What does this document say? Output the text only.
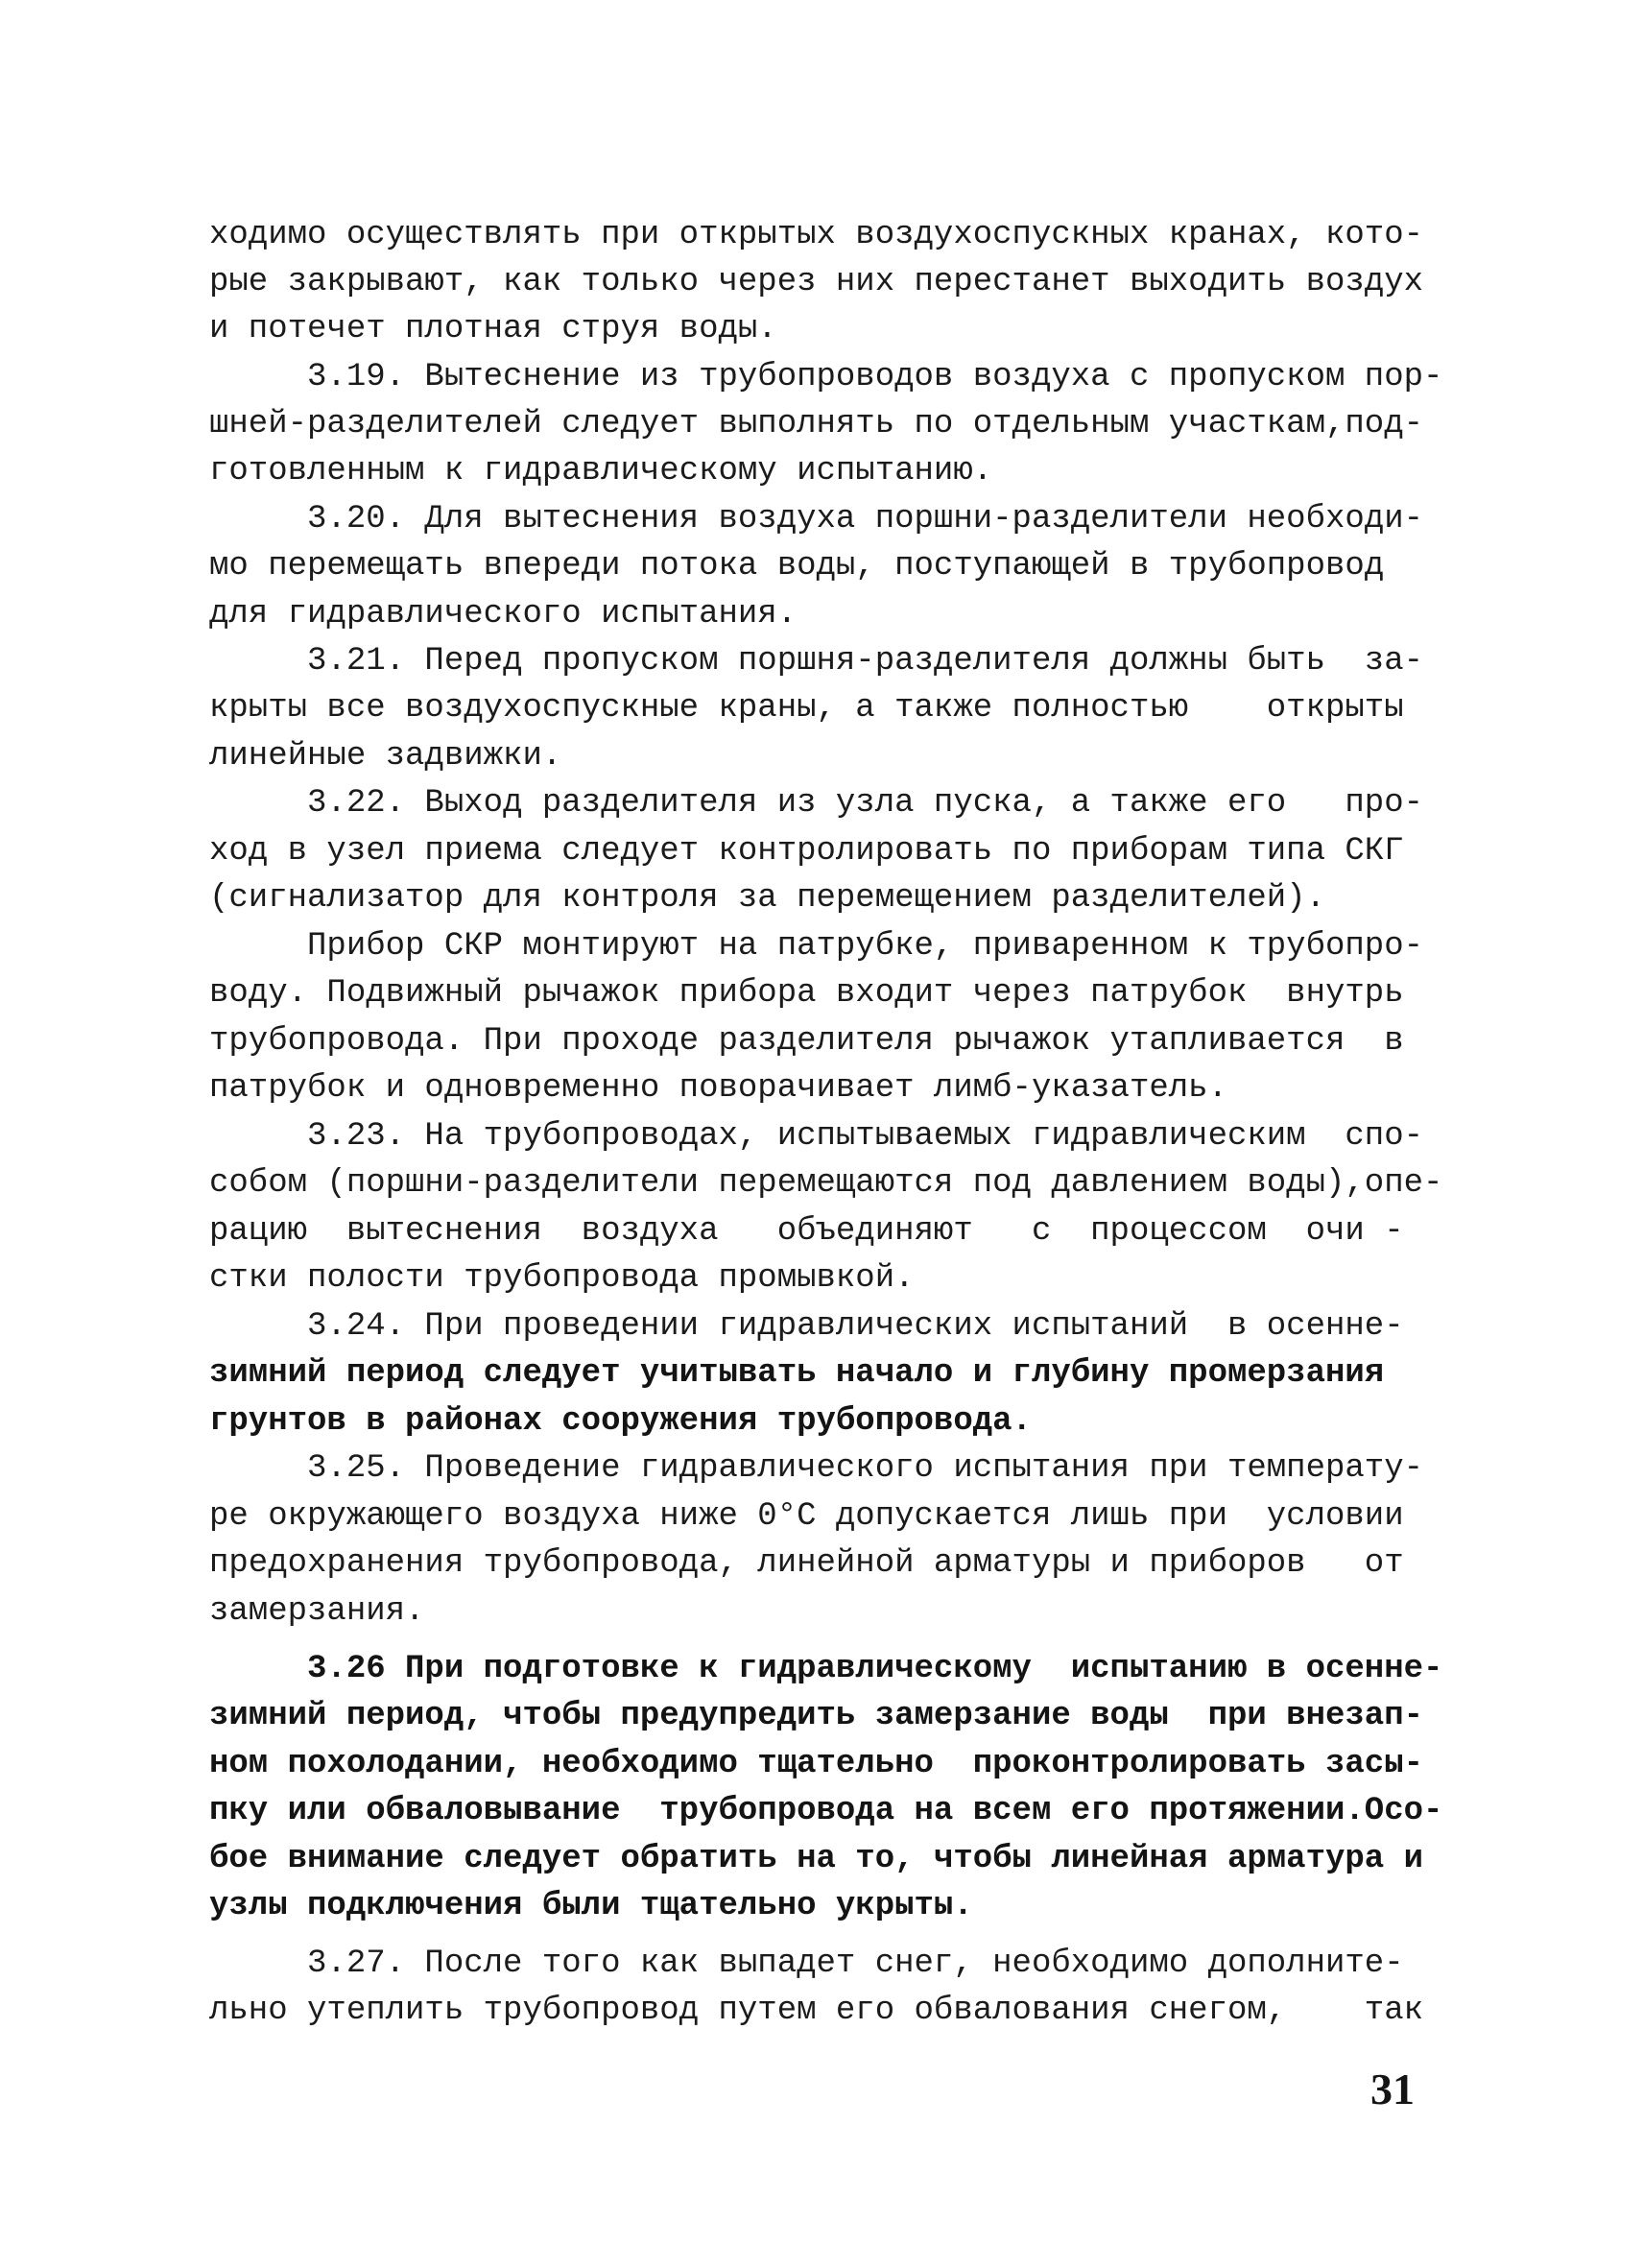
ходимо осуществлять при открытых воздухоспускных кранах, кото-
рые закрывают, как только через них перестанет выходить воздух
и потечет плотная струя воды.
3.19. Вытеснение из трубопроводов воздуха с пропуском пор-
шней-разделителей следует выполнять по отдельным участкам,под-
готовленным к гидравлическому испытанию.
3.20. Для вытеснения воздуха поршни-разделители необходи-
мо перемещать впереди потока воды, поступающей в трубопровод
для гидравлического испытания.
3.21. Перед пропуском поршня-разделителя должны быть  за-
крыты все воздухоспускные краны, а также полностью    открыты
линейные задвижки.
3.22. Выход разделителя из узла пуска, а также его   про-
ход в узел приема следует контролировать по приборам типа СКГ
(сигнализатор для контроля за перемещением разделителей).
Прибор СКР монтируют на патрубке, приваренном к трубопро-
воду. Подвижный рычажок прибора входит через патрубок  внутрь
трубопровода. При проходе разделителя рычажок утапливается  в
патрубок и одновременно поворачивает лимб-указатель.
3.23. На трубопроводах, испытываемых гидравлическим  спо-
собом (поршни-разделители перемещаются под давлением воды),опе-
рацию  вытеснения  воздуха   объединяют   с  процессом  очи -
стки полости трубопровода промывкой.
3.24. При проведении гидравлических испытаний  в осенне-
зимний период следует учитывать начало и глубину промерзания
грунтов в районах сооружения трубопровода.
3.25. Проведение гидравлического испытания при температу-
ре окружающего воздуха ниже 0°С допускается лишь при  условии
предохранения трубопровода, линейной арматуры и приборов   от
замерзания.
3.26 При подготовке к гидравлическому  испытанию в осенне-
зимний период, чтобы предупредить замерзание воды  при внезап-
ном похолодании, необходимо тщательно  проконтролировать засы-
пку или обваловывание  трубопровода на всем его протяжении.Осо-
бое внимание следует обратить на то, чтобы линейная арматура и
узлы подключения были тщательно укрыты.
3.27. После того как выпадет снег, необходимо дополните-
льно утеплить трубопровод путем его обвалования снегом,    так
31
